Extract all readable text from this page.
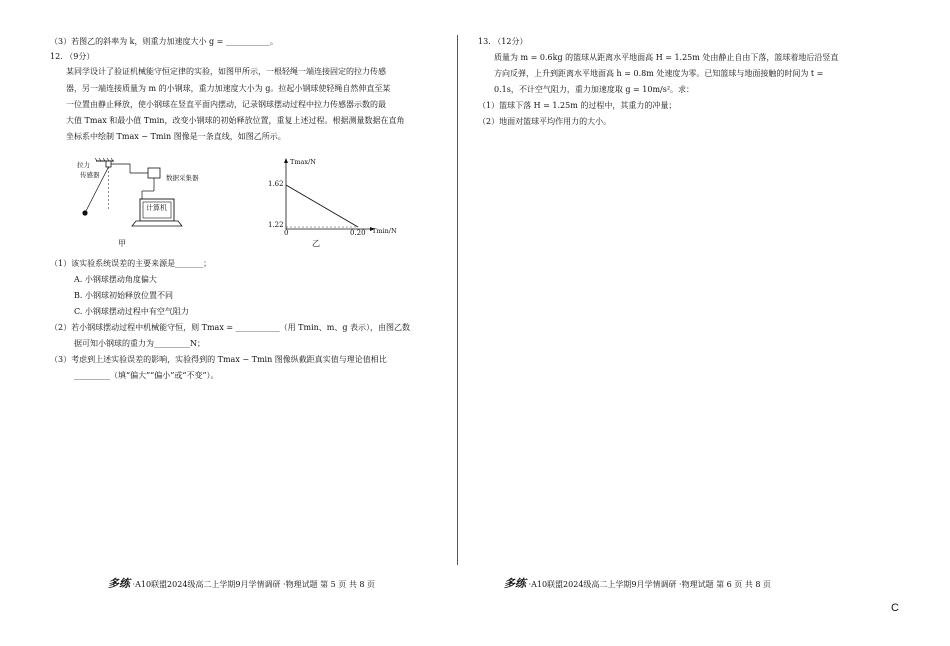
（3）若图乙的斜率为 k，则重力加速度大小 g = ___________。
12. （9分）
某同学设计了验证机械能守恒定律的实验，如图甲所示，一根轻绳一端连接固定的拉力传感
器，另一端连接质量为 m 的小钢球，重力加速度大小为 g。拉起小钢球使轻绳自然伸直至某
一位置由静止释放，使小钢球在竖直平面内摆动，记录钢球摆动过程中拉力传感器示数的最
大值 Tmax 和最小值 Tmin，改变小钢球的初始释放位置，重复上述过程。根据测量数据在直角
坐标系中绘制 Tmax − Tmin 图像是一条直线，如图乙所示。
拉力
传感器	数据采集器
计算机
甲
Tmax/N
Tmin/N
1.62
1.22
0	0.20
乙
（1）该实验系统误差的主要来源是_______；
A. 小钢球摆动角度偏大
B. 小钢球初始释放位置不同
C. 小钢球摆动过程中有空气阻力
（2）若小钢球摆动过程中机械能守恒，则 Tmax = ___________（用 Tmin、m、g 表示），由图乙数
据可知小钢球的重力为_________N；
（3）考虑到上述实验误差的影响，实验得到的 Tmax − Tmin 图像纵截距真实值与理论值相比
_________（填“偏大”“偏小”或“不变”）。
多练 ·A10联盟2024级高二上学期9月学情调研 ·物理试题 第 5 页 共 8 页
13. （12分）
质量为 m = 0.6kg 的篮球从距离水平地面高 H = 1.25m 处由静止自由下落，篮球着地后沿竖直
方向反弹，上升到距离水平地面高 h = 0.8m 处速度为零。已知篮球与地面接触的时间为 t =
0.1s，不计空气阻力，重力加速度取 g = 10m/s²。求：
（1）篮球下落 H = 1.25m 的过程中，其重力的冲量；
（2）地面对篮球平均作用力的大小。
多练 ·A10联盟2024级高二上学期9月学情调研 ·物理试题 第 6 页 共 8 页
C
